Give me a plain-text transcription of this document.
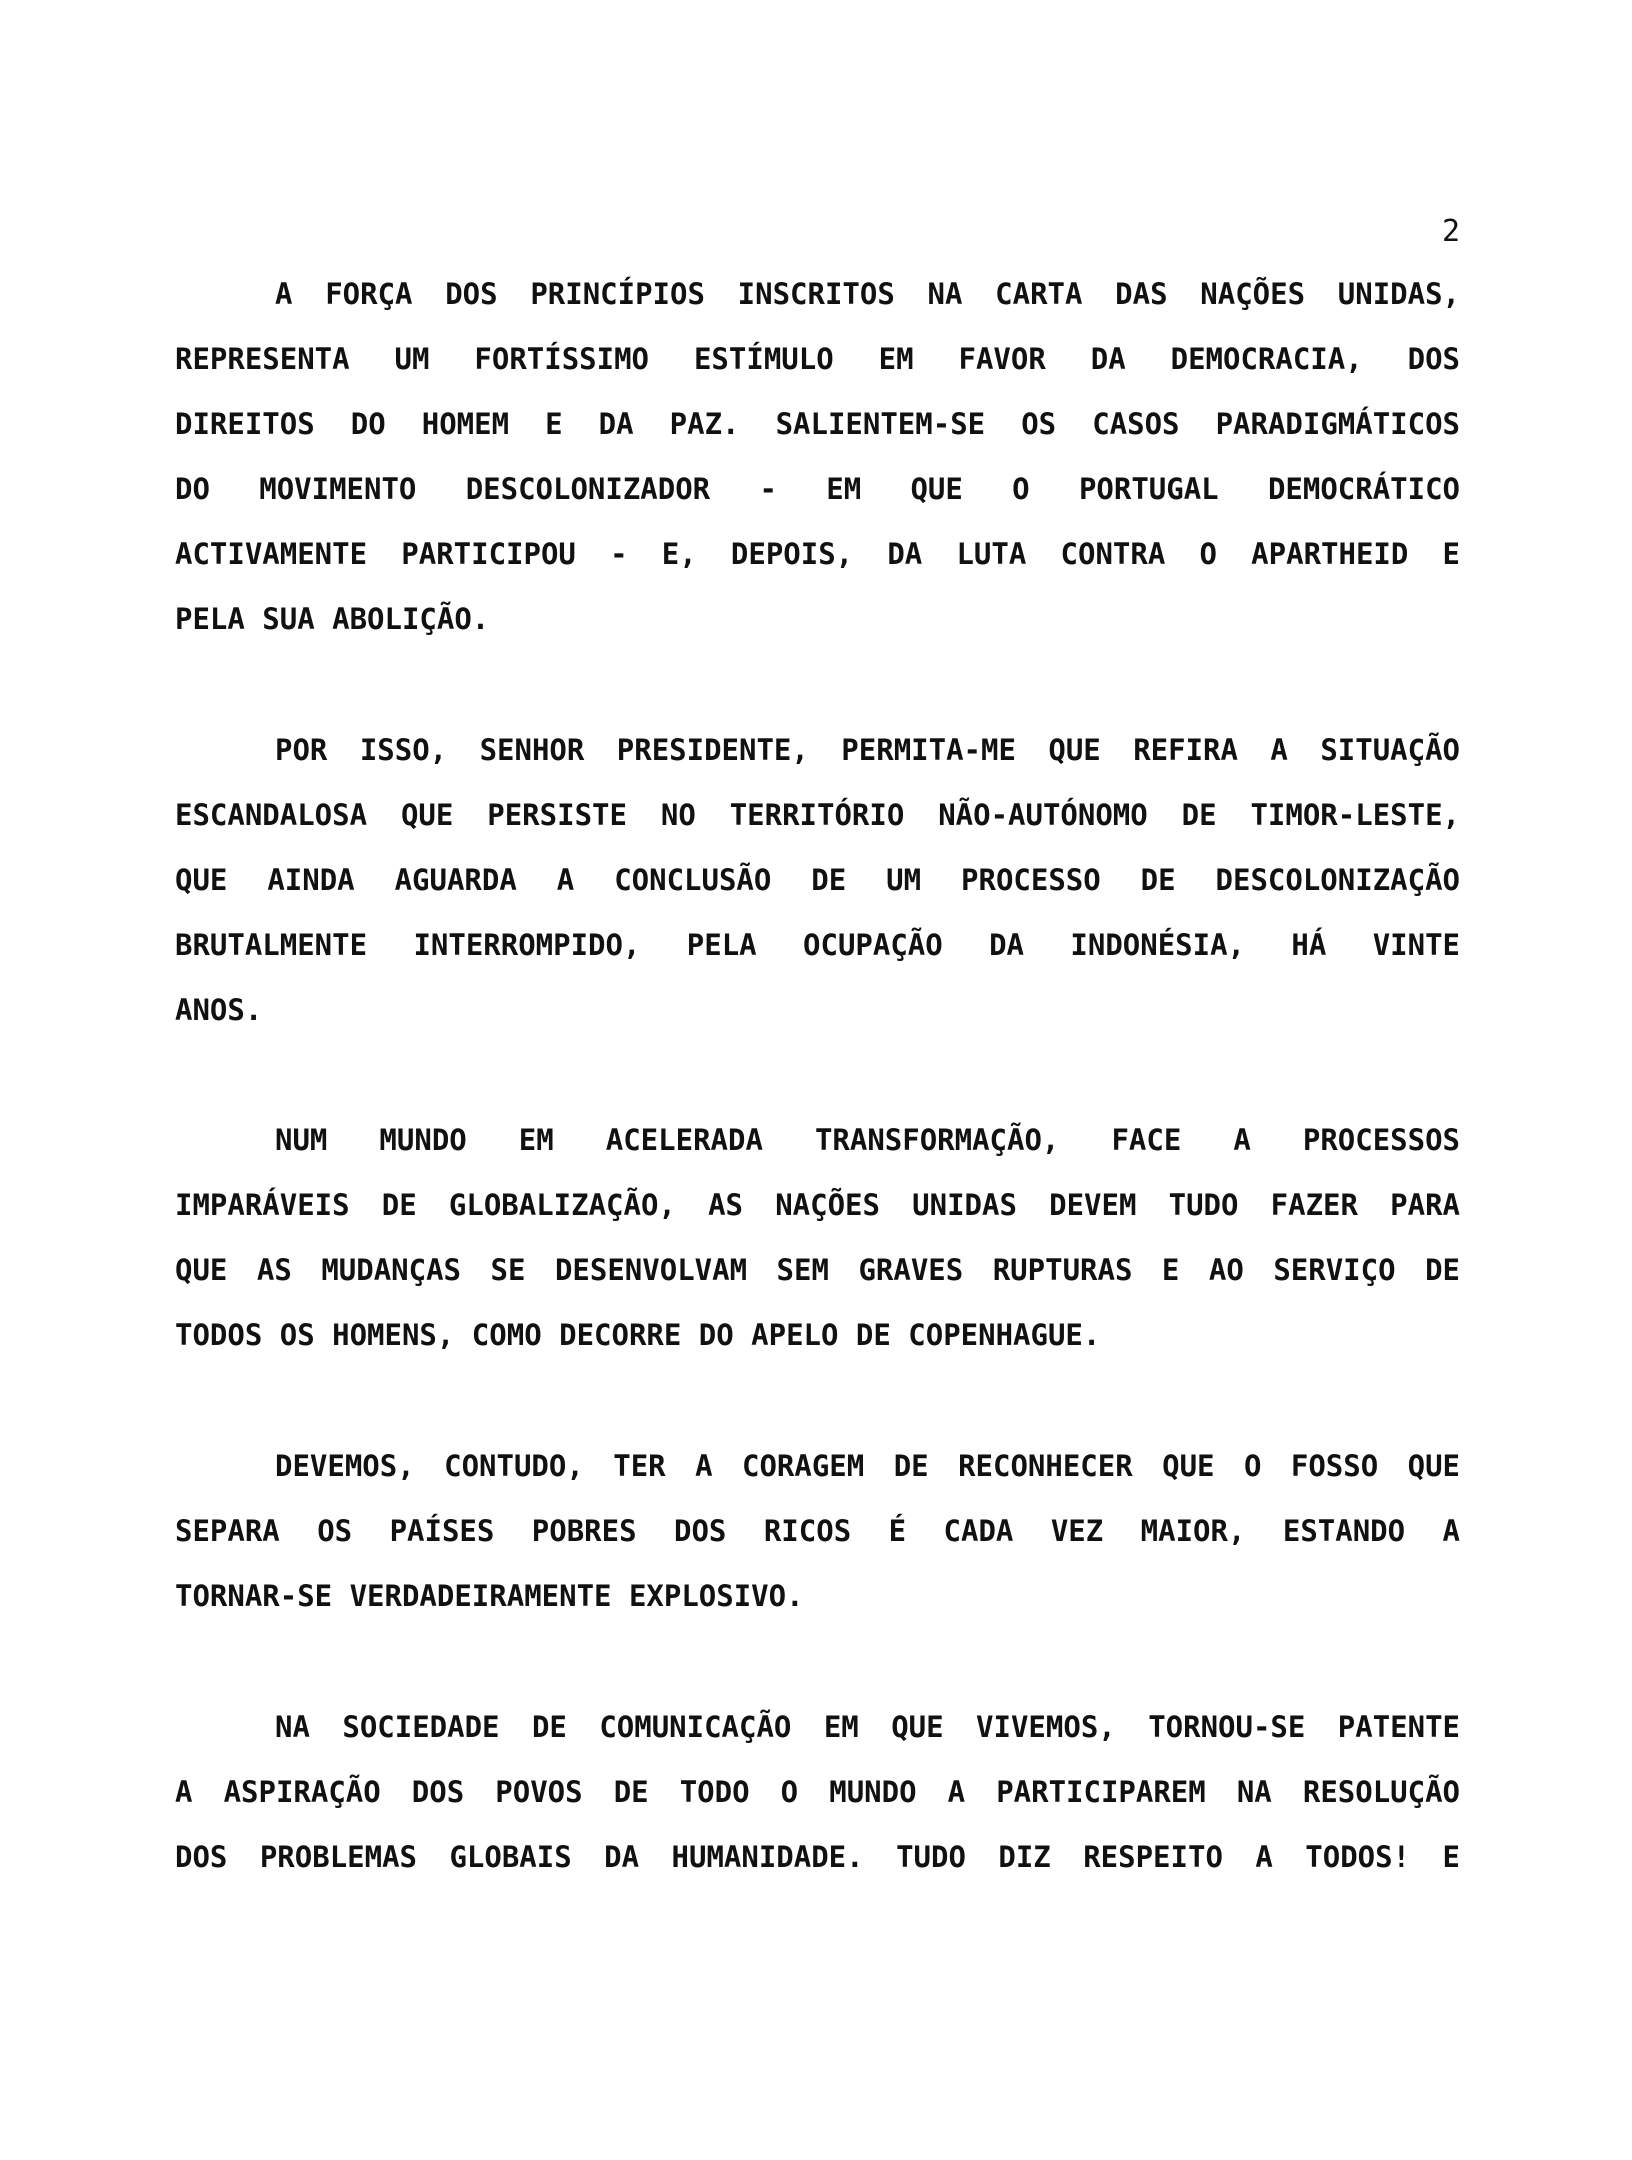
2
A FORÇA DOS PRINCÍPIOS INSCRITOS NA CARTA DAS NAÇÕES UNIDAS,
REPRESENTA UM FORTÍSSIMO ESTÍMULO EM FAVOR DA DEMOCRACIA, DOS
DIREITOS DO HOMEM E DA PAZ. SALIENTEM-SE OS CASOS PARADIGMÁTICOS
DO MOVIMENTO DESCOLONIZADOR - EM QUE O PORTUGAL DEMOCRÁTICO
ACTIVAMENTE PARTICIPOU - E, DEPOIS, DA LUTA CONTRA O APARTHEID E
PELA SUA ABOLIÇÃO.
POR ISSO, SENHOR PRESIDENTE, PERMITA-ME QUE REFIRA A SITUAÇÃO
ESCANDALOSA QUE PERSISTE NO TERRITÓRIO NÃO-AUTÓNOMO DE TIMOR-LESTE,
QUE AINDA AGUARDA A CONCLUSÃO DE UM PROCESSO DE DESCOLONIZAÇÃO
BRUTALMENTE INTERROMPIDO, PELA OCUPAÇÃO DA INDONÉSIA, HÁ VINTE
ANOS.
NUM MUNDO EM ACELERADA TRANSFORMAÇÃO, FACE A PROCESSOS
IMPARÁVEIS DE GLOBALIZAÇÃO, AS NAÇÕES UNIDAS DEVEM TUDO FAZER PARA
QUE AS MUDANÇAS SE DESENVOLVAM SEM GRAVES RUPTURAS E AO SERVIÇO DE
TODOS OS HOMENS, COMO DECORRE DO APELO DE COPENHAGUE.
DEVEMOS, CONTUDO, TER A CORAGEM DE RECONHECER QUE O FOSSO QUE
SEPARA OS PAÍSES POBRES DOS RICOS É CADA VEZ MAIOR, ESTANDO A
TORNAR-SE VERDADEIRAMENTE EXPLOSIVO.
NA SOCIEDADE DE COMUNICAÇÃO EM QUE VIVEMOS, TORNOU-SE PATENTE
A ASPIRAÇÃO DOS POVOS DE TODO O MUNDO A PARTICIPAREM NA RESOLUÇÃO
DOS PROBLEMAS GLOBAIS DA HUMANIDADE. TUDO DIZ RESPEITO A TODOS! E
